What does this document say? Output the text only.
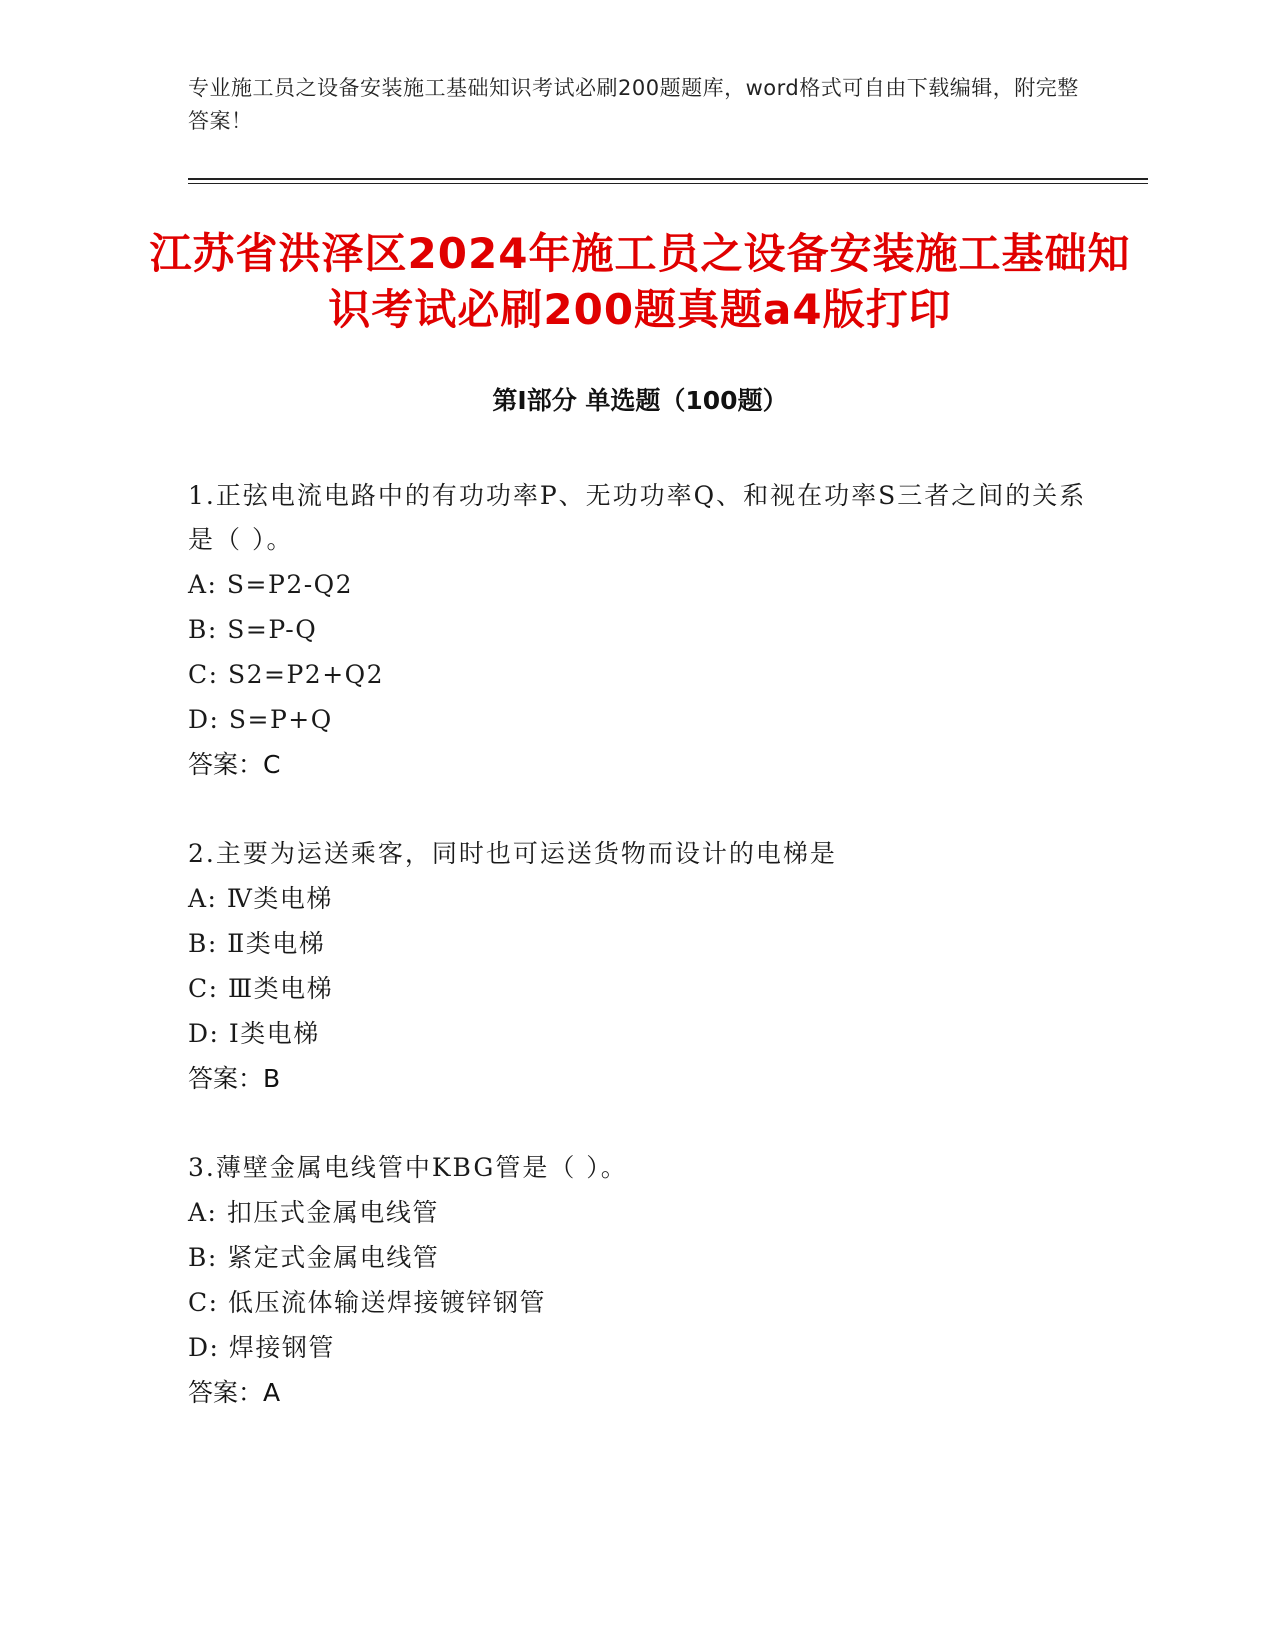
专业施工员之设备安装施工基础知识考试必刷200题题库，word格式可自由下载编辑，附完整答案！
江苏省洪泽区2024年施工员之设备安装施工基础知识考试必刷200题真题a4版打印
第Ⅰ部分 单选题（100题）

1.正弦电流电路中的有功功率P、无功功率Q、和视在功率S三者之间的关系是（ ）。

A: S=P2-Q2

B: S=P-Q

C: S2=P2+Q2

D: S=P+Q

答案：C

2.主要为运送乘客，同时也可运送货物而设计的电梯是

A: Ⅳ类电梯

B: Ⅱ类电梯

C: Ⅲ类电梯

D: Ⅰ类电梯

答案：B

3.薄壁金属电线管中KBG管是（ ）。

A: 扣压式金属电线管

B: 紧定式金属电线管

C: 低压流体输送焊接镀锌钢管

D: 焊接钢管

答案：A
